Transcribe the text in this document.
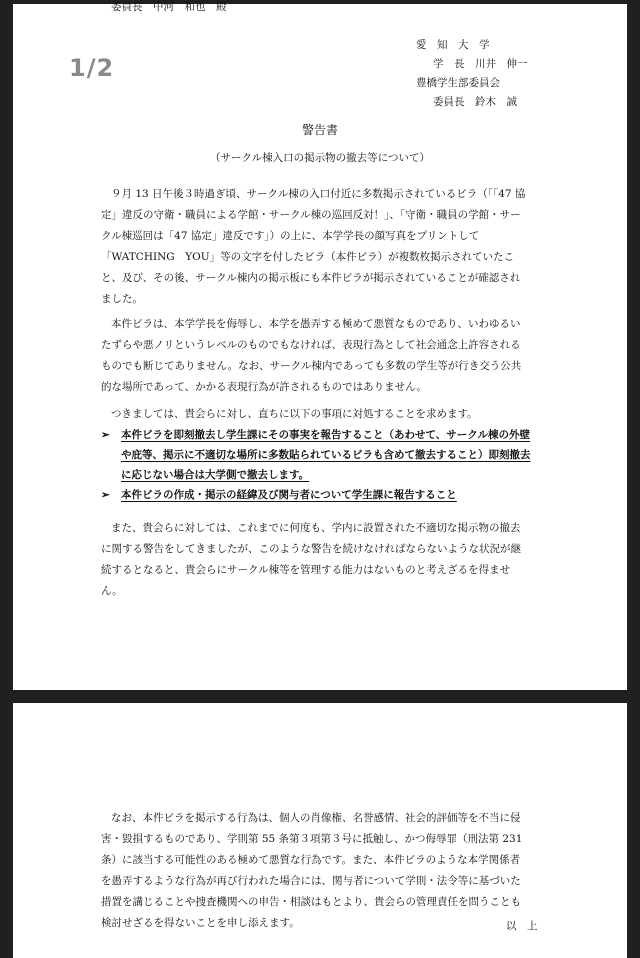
委員長　中河　和也　殿
1/2
愛　知　大　学
学　長　川井　伸一
豊橋学生部委員会
委員長　鈴木　誠
警告書
（サークル棟入口の掲示物の撤去等について）
９月 13 日午後３時過ぎ頃、サークル棟の入口付近に多数掲示されているビラ（「「47 協
定」違反の守衛・職員による学館・サークル棟の巡回反対！」、「守衛・職員の学館・サー
クル棟巡回は「47 協定」違反です」）の上に、本学学長の顔写真をプリントして
「WATCHING　YOU」等の文字を付したビラ（本件ビラ）が複数枚掲示されていたこ
と、及び、その後、サークル棟内の掲示板にも本件ビラが掲示されていることが確認され
ました。
本件ビラは、本学学長を侮辱し、本学を愚弄する極めて悪質なものであり、いわゆるい
たずらや悪ノリというレベルのものでもなければ、表現行為として社会通念上許容される
ものでも断じてありません。なお、サークル棟内であっても多数の学生等が行き交う公共
的な場所であって、かかる表現行為が許されるものではありません。
つきましては、貴会らに対し、直ちに以下の事項に対処することを求めます。
➢ 本件ビラを即刻撤去し学生課にその事実を報告すること（あわせて、サークル棟の外壁
や庇等、掲示に不適切な場所に多数貼られているビラも含めて撤去すること）即刻撤去
に応じない場合は大学側で撤去します。
➢ 本件ビラの作成・掲示の経緯及び関与者について学生課に報告すること
また、貴会らに対しては、これまでに何度も、学内に設置された不適切な掲示物の撤去
に関する警告をしてきましたが、このような警告を続けなければならないような状況が継
続するとなると、貴会らにサークル棟等を管理する能力はないものと考えざるを得ませ
ん。
なお、本件ビラを掲示する行為は、個人の肖像権、名誉感情、社会的評価等を不当に侵
害・毀損するものであり、学則第 55 条第３項第３号に抵触し、かつ侮辱罪（刑法第 231
条）に該当する可能性のある極めて悪質な行為です。また、本件ビラのような本学関係者
を愚弄するような行為が再び行われた場合には、関与者について学則・法令等に基づいた
措置を講じることや捜査機関への申告・相談はもとより、貴会らの管理責任を問うことも
検討せざるを得ないことを申し添えます。	以　上
